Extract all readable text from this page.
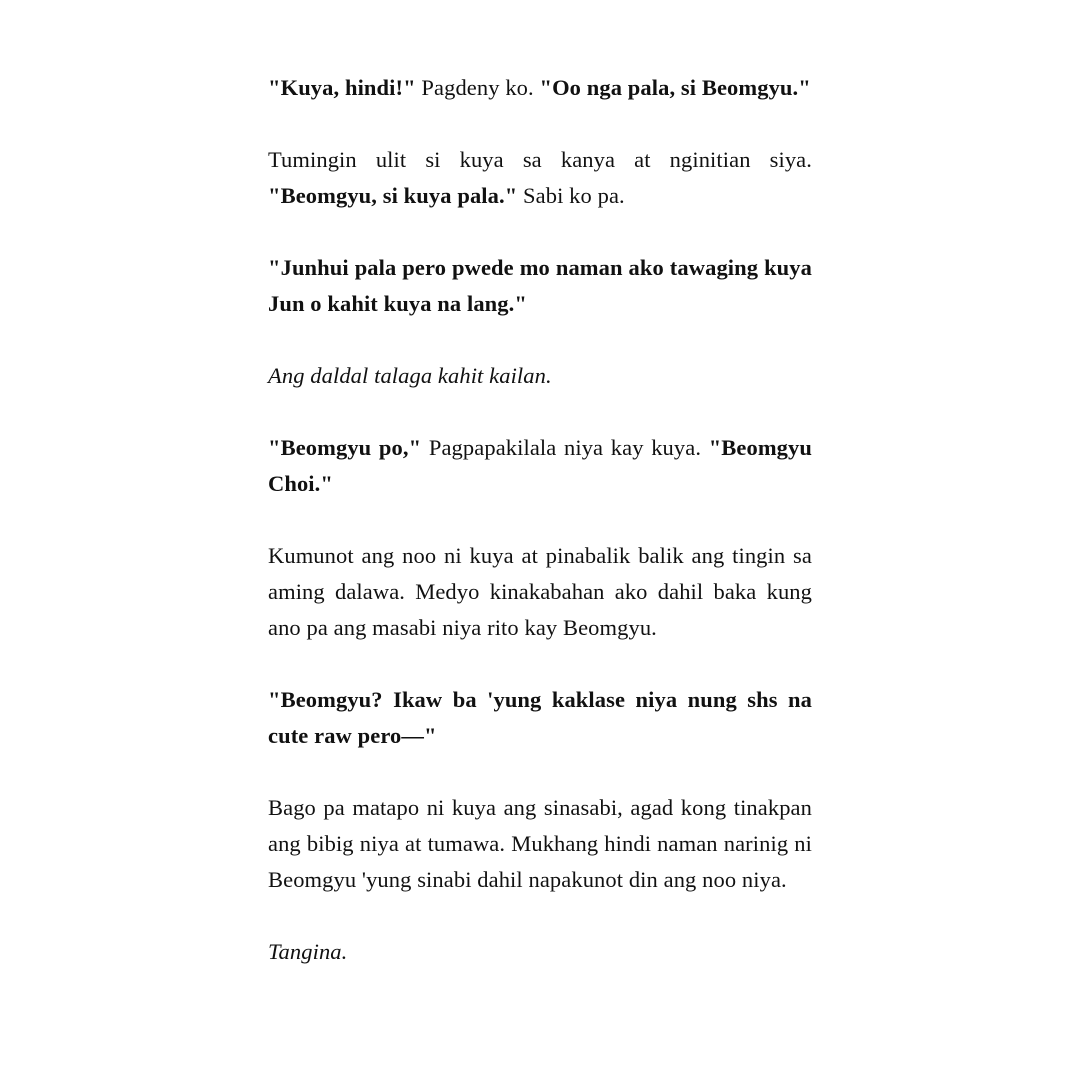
"Kuya, hindi!" Pagdeny ko. "Oo nga pala, si Beomgyu."

Tumingin ulit si kuya sa kanya at nginitian siya. "Beomgyu, si kuya pala." Sabi ko pa.

"Junhui pala pero pwede mo naman ako tawaging kuya Jun o kahit kuya na lang."

Ang daldal talaga kahit kailan.

"Beomgyu po," Pagpapakilala niya kay kuya. "Beomgyu Choi."

Kumunot ang noo ni kuya at pinabalik balik ang tingin sa aming dalawa. Medyo kinakabahan ako dahil baka kung ano pa ang masabi niya rito kay Beomgyu.

"Beomgyu? Ikaw ba 'yung kaklase niya nung shs na cute raw pero—"

Bago pa matapo ni kuya ang sinasabi, agad kong tinakpan ang bibig niya at tumawa. Mukhang hindi naman narinig ni Beomgyu 'yung sinabi dahil napakunot din ang noo niya.

Tangina.
